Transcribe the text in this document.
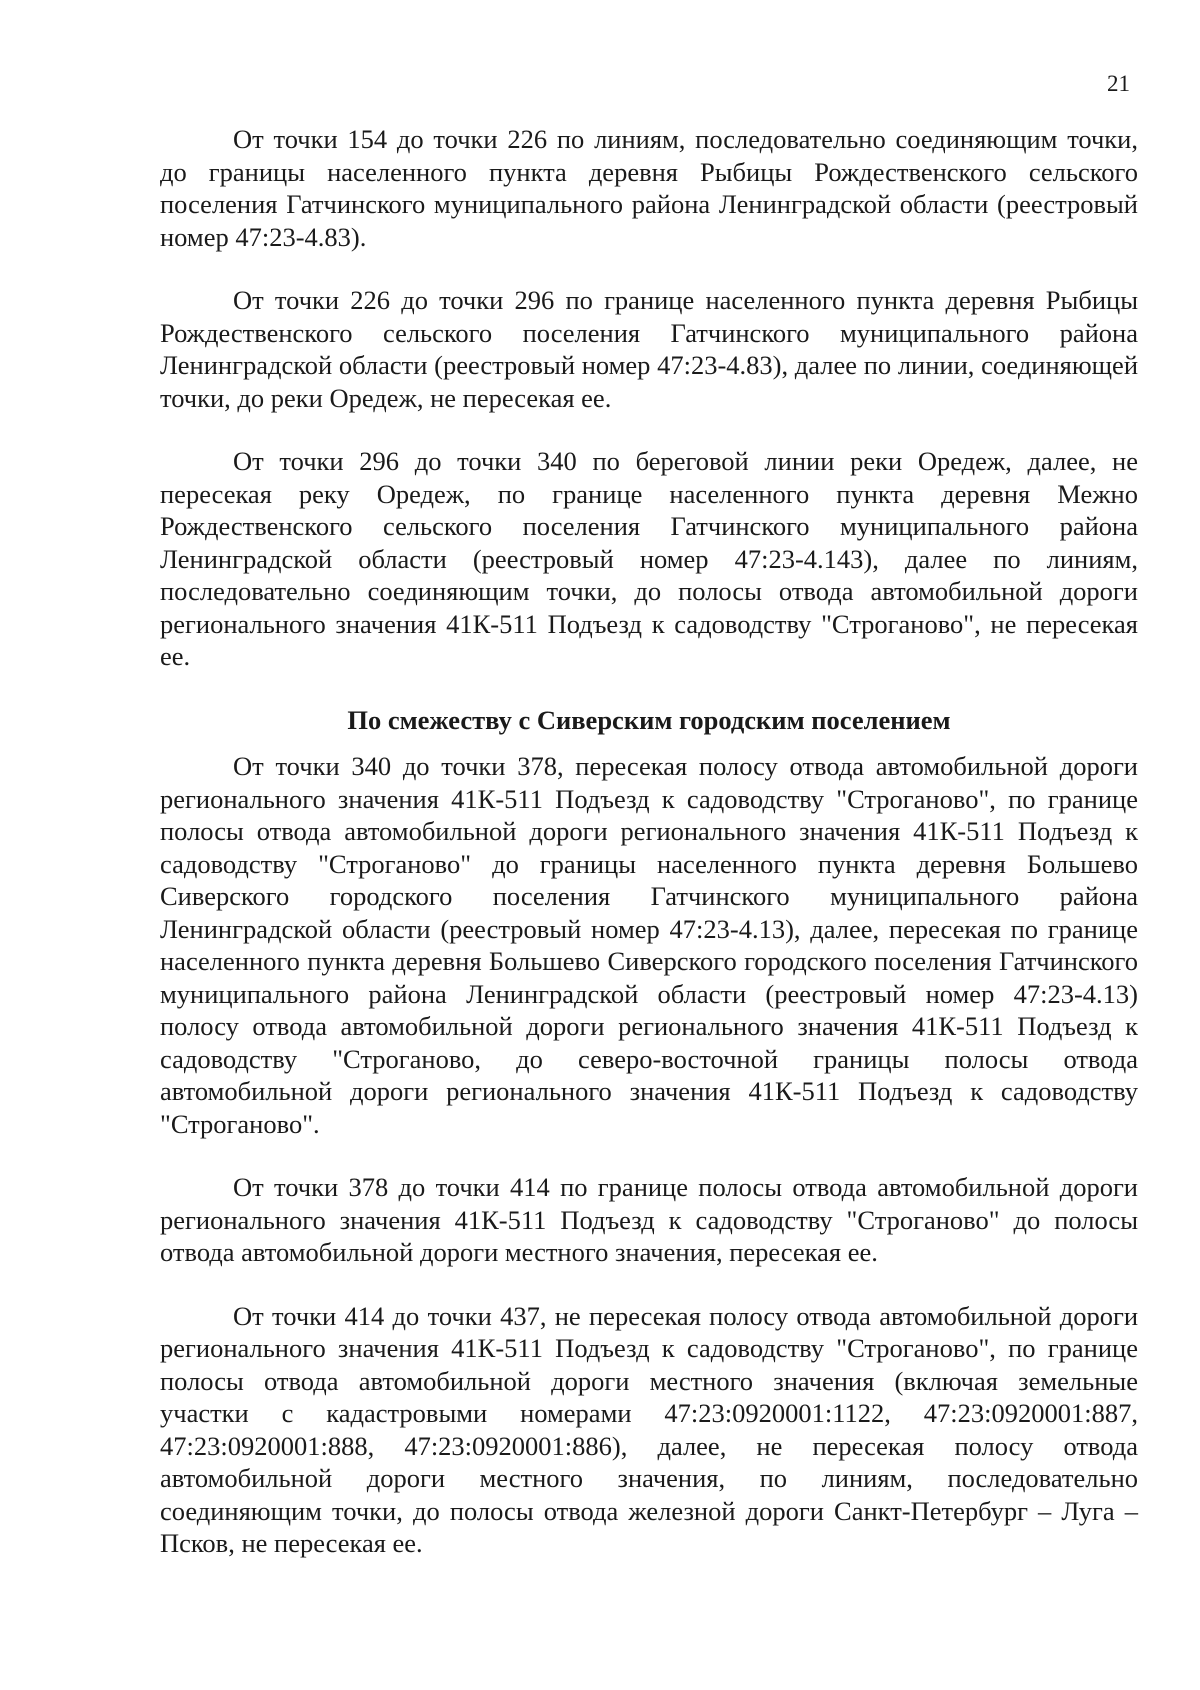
21

От точки 154 до точки 226 по линиям, последовательно соединяющим точки, до границы населенного пункта деревня Рыбицы Рождественского сельского поселения Гатчинского муниципального района Ленинградской области (реестровый номер 47:23-4.83).

От точки 226 до точки 296 по границе населенного пункта деревня Рыбицы Рождественского сельского поселения Гатчинского муниципального района Ленинградской области (реестровый номер 47:23-4.83), далее по линии, соединяющей точки, до реки Оредеж, не пересекая ее.

От точки 296 до точки 340 по береговой линии реки Оредеж, далее, не пересекая реку Оредеж, по границе населенного пункта деревня Межно Рождественского сельского поселения Гатчинского муниципального района Ленинградской области (реестровый номер 47:23-4.143), далее по линиям, последовательно соединяющим точки, до полосы отвода автомобильной дороги регионального значения 41К-511 Подъезд к садоводству "Строганово", не пересекая ее.

По смежеству с Сиверским городским поселением

От точки 340 до точки 378, пересекая полосу отвода автомобильной дороги регионального значения 41К-511 Подъезд к садоводству "Строганово", по границе полосы отвода автомобильной дороги регионального значения 41К-511 Подъезд к садоводству "Строганово" до границы населенного пункта деревня Большево Сиверского городского поселения Гатчинского муниципального района Ленинградской области (реестровый номер 47:23-4.13), далее, пересекая по границе населенного пункта деревня Большево Сиверского городского поселения Гатчинского муниципального района Ленинградской области (реестровый номер 47:23-4.13) полосу отвода автомобильной дороги регионального значения 41К-511 Подъезд к садоводству "Строганово, до северо-восточной границы полосы отвода автомобильной дороги регионального значения 41К-511 Подъезд к садоводству "Строганово".

От точки 378 до точки 414 по границе полосы отвода автомобильной дороги регионального значения 41К-511 Подъезд к садоводству "Строганово" до полосы отвода автомобильной дороги местного значения, пересекая ее.

От точки 414 до точки 437, не пересекая полосу отвода автомобильной дороги регионального значения 41К-511 Подъезд к садоводству "Строганово", по границе полосы отвода автомобильной дороги местного значения (включая земельные участки с кадастровыми номерами 47:23:0920001:1122, 47:23:0920001:887, 47:23:0920001:888, 47:23:0920001:886), далее, не пересекая полосу отвода автомобильной дороги местного значения, по линиям, последовательно соединяющим точки, до полосы отвода железной дороги Санкт-Петербург – Луга – Псков, не пересекая ее.
